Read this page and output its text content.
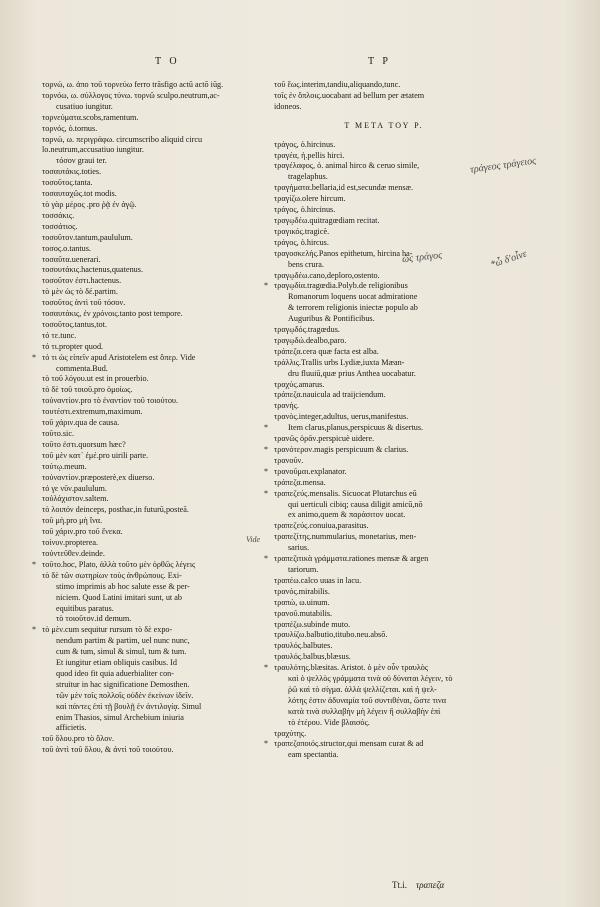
T O	T P
τορνώ, ω. ἀπο τοῦ τορνεύω ferro trāsfigo actū actō iūg.
τορνόω, ω. σύλλογος τύνω. τορνῶ sculpo.neutrum,ac-
cusatiuo iungitur.
τορνεύματα.scobs,ramentum.
τορνός, ὁ.tornus.
τορνώ, ω. περιγράφω. circumscribo aliquid circu
lo.neutrum,accusatiuo iungitur.
τόσον graui ter.
τοσαυτάκις.toties.
τοσοῦτος.tanta.
τοσαυταχῶς.tot modis.
τὸ γὰρ μέρος .pro ῥᾷ ἐν ἀγῷ.
τοσσάκις.
τοσσάτιος.
τοσοῦτον.tantum,paululum.
τοσος.ο.tantus.
τοσαῦτα.uenerari.
τοσουτάκις.hactenus,quatenus.
τοσοῦτον ἐστι.hactenus.
τὸ μὲν ὡς τὸ δέ.partim.
τοσοῦτος ἀντὶ τοῦ τόσον.
τοσαυτάκις, ἐν χρόνοις.tanto post tempore.
τοσοῦτος.tantus,tot.
τό τε.tunc.
τό τι.propter quod.
τό τι ὡς εἰπεῖν apud Aristotelem est ὅπερ. Vide
*
commenta.Bud.
τὸ τοῦ λόγου.ut est in prouerbio.
τὸ δὲ τοῦ τοιοῦ.pro ὁμοίως.
τοὐναντίον.pro τὸ ἐναντίον τοῦ τοιούτου.
τουτέστι.extremum,maximum.
τοῦ χάριν.qua de causa.
τοῦτο.sic.
τοῦτο ἐστι.quorsum hæc?
τοῦ μὲν κατ᾽ ἐμέ.pro uirili parte.
τούτῳ.meum.
τοὐναντίον.præposterè,ex diuerso.
τό γε νῦν.paululum.
τοὐλάχιστον.saltem.
τὸ λοιπόν deinceps, posthac,in futurū,posteā.
τοῦ μὴ.pro μὴ ἴνα.
τοῦ χάριν.pro τοῦ ἕνεκα.
τοίνυν.propterea.
τοὐντεῦθεν.deinde.
τοῦτο.hoc, Plato, ἀλλὰ τοῦτο μὲν ὀρθῶς λέγεις
*
τὸ δὲ τῶν σωτηρίων τοὺς ἀνθρώπους. Exi-
stimo imprimis ab hoc salute esse & per-
niciem. Quod Latini imitari sunt, ut ab
equitibus paratus.
τὸ τοιοῦτον.id demum.
τὸ μὲν.cum sequitur rursum τὸ δὲ expo-
*
nendum partim & partim, uel nunc nunc,
cum & tum, simul & simul, tum & tum.
Et iungitur etiam obliquis casibus. Id
quod ideo fit quia aduerbialiter con-
struitur in hac significatione Demosthen.
τῶν μὲν τοῖς πολλοῖς οὐδὲν ἐκείνων ἰδεῖν.
καὶ πάντες ἐπὶ τῇ βουλῇ ἐν ἀντιλογίᾳ. Simul
enim Thasios, simul Archebium iniuria
afficietis.
τοῦ ὅλου.pro τὸ ὅλον.
τοῦ ἀντὶ τοῦ ὅλου, & ἀντὶ τοῦ τοιούτου.
τοῦ ἕως.interim,tandiu,aliquando,tunc.
τοῖς ἐν ὅπλοις.uocabant ad bellum per ætatem
idoneos.
Τ ΜΕΤΑ ΤΟΥ Ρ.
τράγος, ὁ.hircinus.
τραγέα, ἡ.pellis hirci.
τραγέλαφος, ὁ. animal hirco & ceruo simile,
tragelaphus.
τραγήματα.bellaria,id est,secundæ mensæ.
τραγίζω.olere hircum.
τράγος, ὁ.hircinus.
τραγῳδέω.quitragœdiam recitat.
τραγικός.tragicè.
τράγος, ὁ.hircus.
τραγοσκελής.Panos epithetum, hircina ha-
bens crura.
τραγῳδέω.cano,deploro,ostento.
τραγῳδία.tragœdia.Polyb.de religionibus
*
Romanorum loquens uocat admiratione
& terrorem religionis iniectæ populo ab
Auguribus & Pontificibus.
τραγῳδός.tragœdus.
τραγῳδώ.dealbo,paro.
τράπεζα.cera quæ facta est alba.
τράλλις.Trallis urbs Lydiæ,iuxta Mæan-
dru fluuiū,quæ prius Anthea uocabatur.
τραχύς.amarus.
τράπεζα.nauicula ad traijciendum.
τρανής.
τρανὸς.integer,adultus, uerus,manifestus.
Item clarus,planus,perspicuus & disertus.
*
τρανῶς ὁρᾶν.perspicuè uidere.
τρανότερον.magis perspicuum & clarius.
*
τρανοῦν.
τρανοῦμαι.explanator.
*
τράπεζα.mensa.
τραπεζεύς.mensalis. Sicuocat Plutarchus eū
*
qui uerticuli cibiq; causa diligit amicū,nō
ex animo,quem & παράσιτον uocat.
τραπεζεύς.conuiua,parasitus.
τραπεζίτης.nummularius, monetarius, men-
sarius.
τραπεζιτικὰ γράμματα.rationes mensæ & argen
*
tariorum.
τραπέω.calco uuas in lacu.
τρανός.mirabilis.
τραπὼ, ω.uinum.
τρανοῦ.mutabilis.
τραπέζω.subinde muto.
τραυλίζω.balbutio,titubo.neu.absō.
τραυλός.balbutes.
τραυλός.balbus,blæsus.
τραυλότης.blæsitas. Aristot. ὁ μὲν οὖν τραυλὸς
*
καὶ ὁ ψελλὸς γράμματα τινὰ οὐ δύναται λέγειν, τὸ
ῥῶ καὶ τὸ σίγμα. ἀλλὰ ψελλίζεται. καὶ ἡ ψελ-
λότης ἐστιν ἀδυναμία τοῦ συντιθέναι, ὥστε τινα
κατὰ τινὰ συλλαβὴν μὴ λέγειν ἢ συλλαβὴν ἐπὶ
τὸ ἐτέρου. Vide βλαισός.
τραχύτης.
τραπεζοποιός.structor,qui mensam curat & ad
*
eam spectantia.
τράγεος τράγειος
ὡς τράγος	*ὦ δ'οἶνε
Vide
Tt.i. τραπεζα
